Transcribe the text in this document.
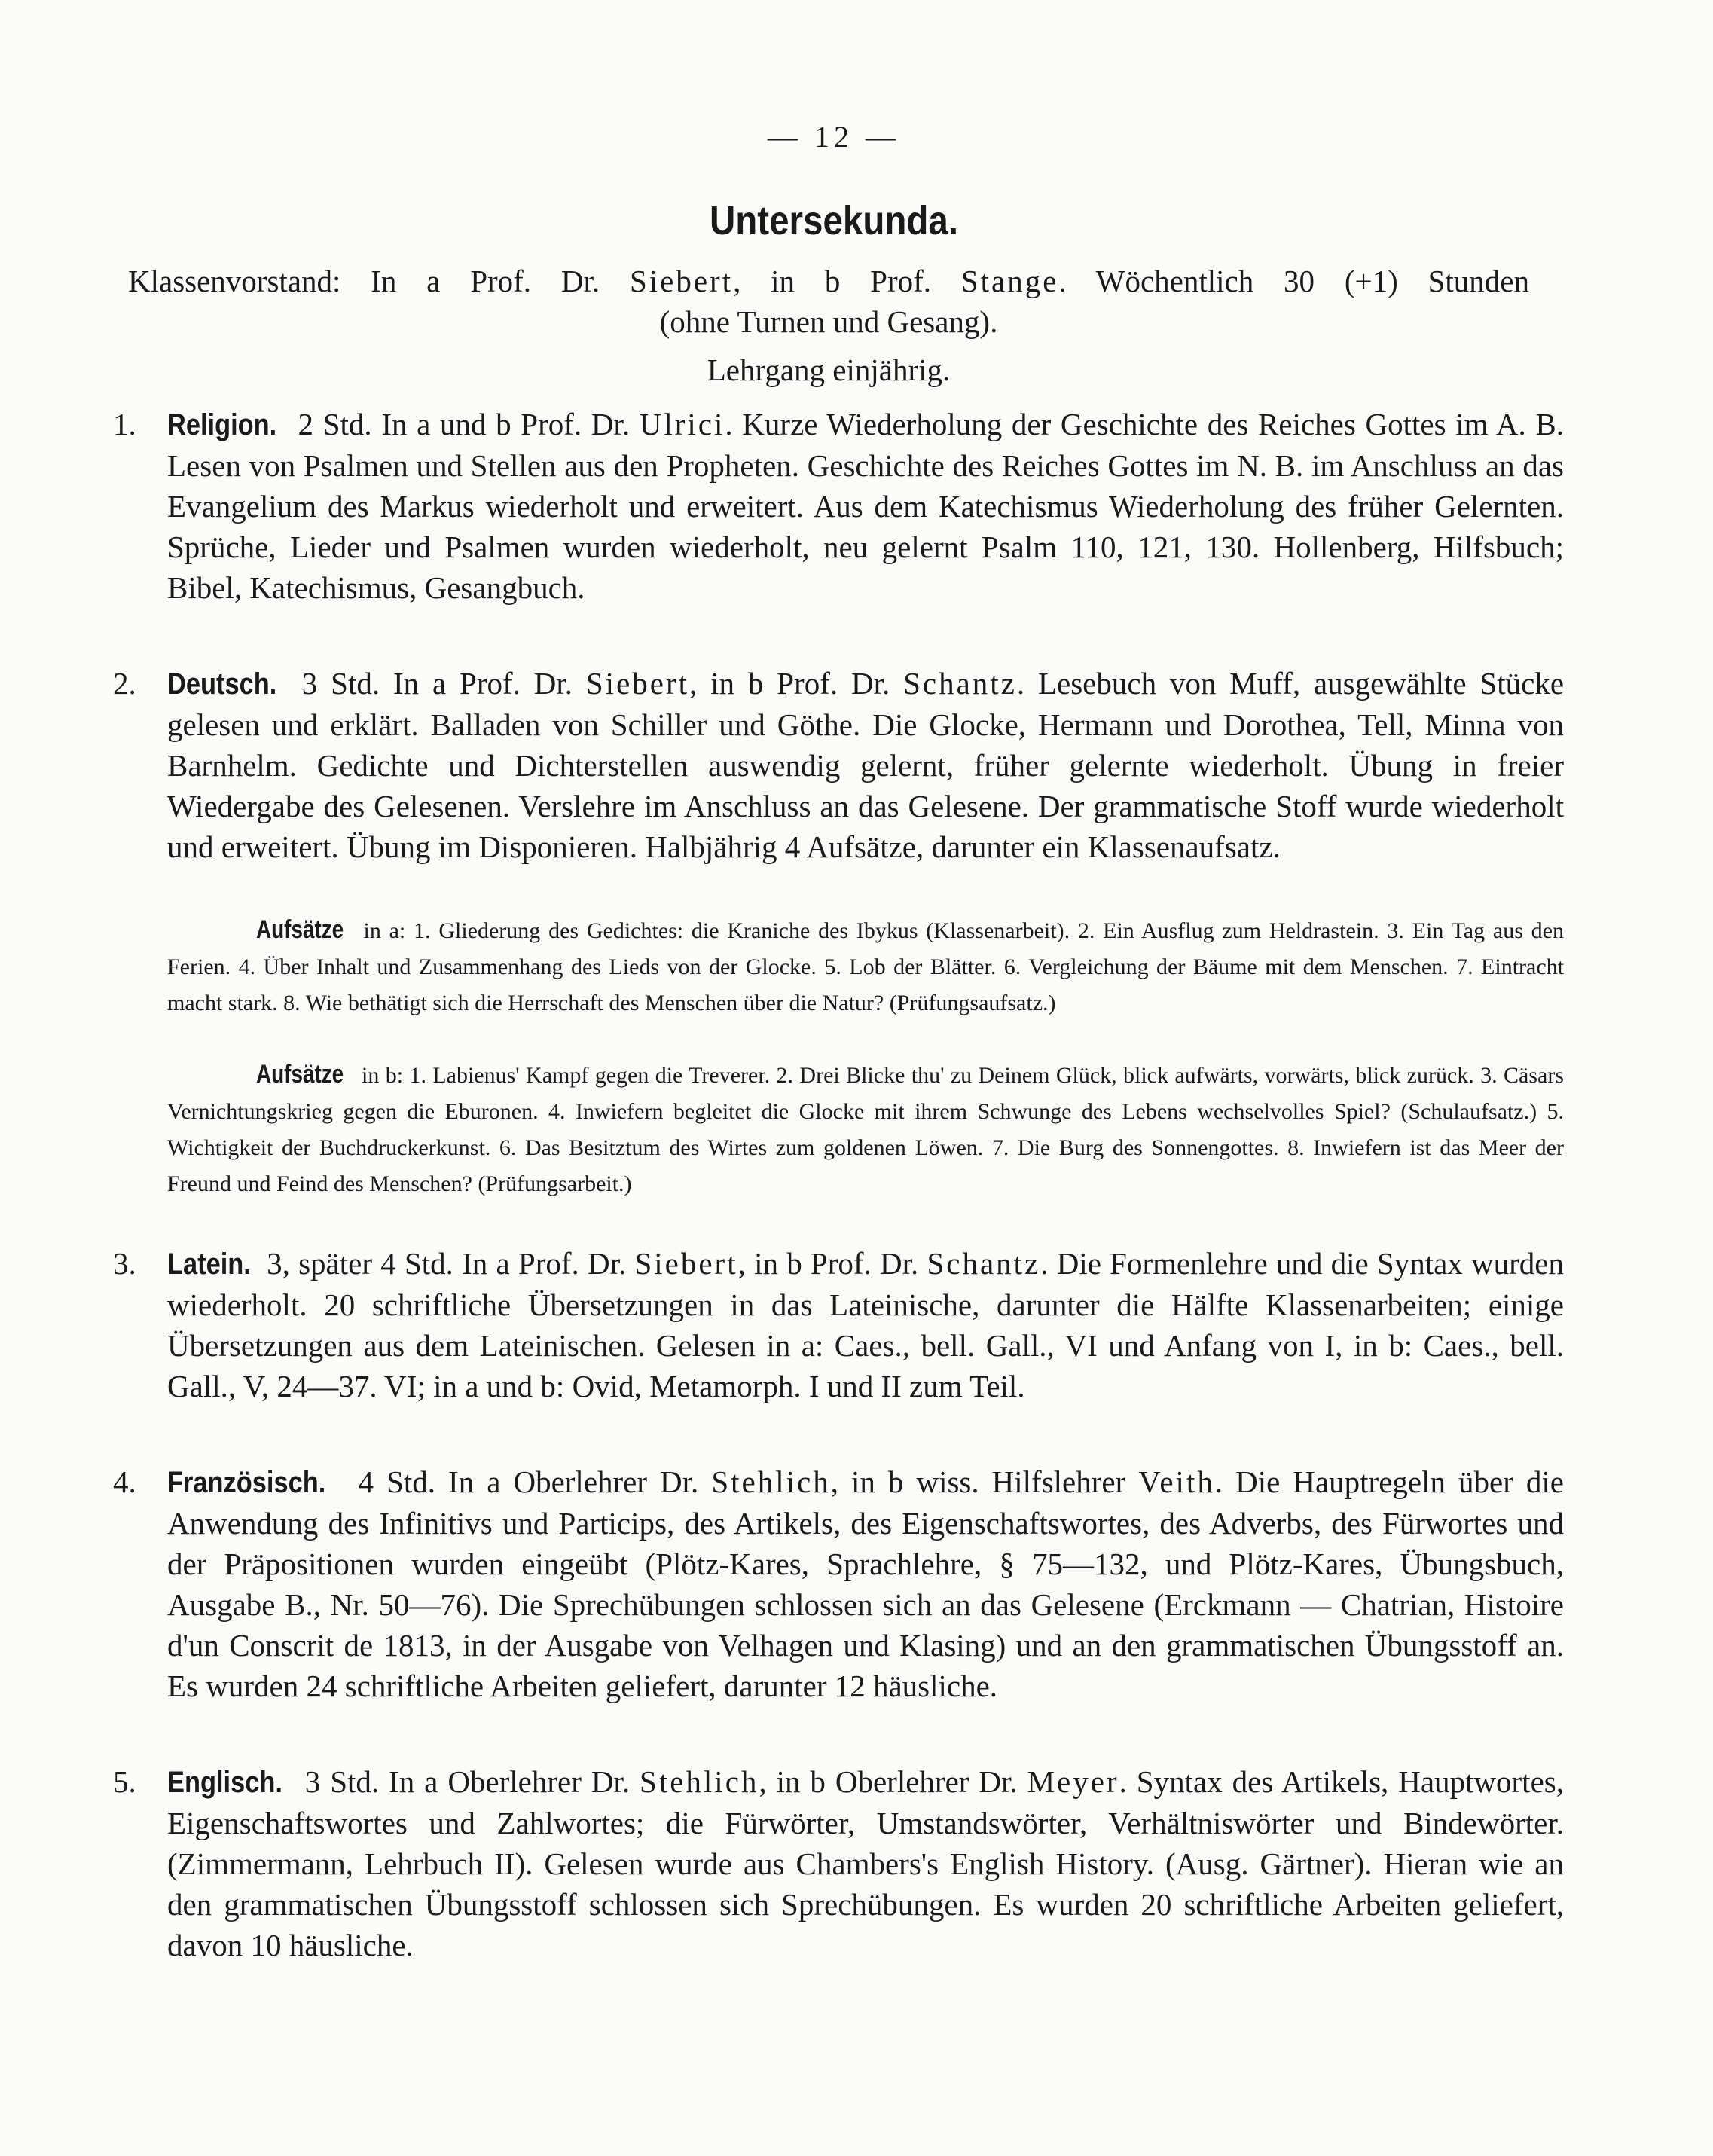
— 12 —
Untersekunda.
Klassenvorstand: In a Prof. Dr. Siebert, in b Prof. Stange. Wöchentlich 30 (+1) Stunden
(ohne Turnen und Gesang).
Lehrgang einjährig.
1. Religion. 2 Std. In a und b Prof. Dr. Ulrici. Kurze Wiederholung der Geschichte des Reiches Gottes im A. B. Lesen von Psalmen und Stellen aus den Propheten. Geschichte des Reiches Gottes im N. B. im Anschluss an das Evangelium des Markus wiederholt und erweitert. Aus dem Katechismus Wiederholung des früher Gelernten. Sprüche, Lieder und Psalmen wurden wiederholt, neu gelernt Psalm 110, 121, 130. Hollenberg, Hilfsbuch; Bibel, Katechismus, Gesangbuch.
2. Deutsch. 3 Std. In a Prof. Dr. Siebert, in b Prof. Dr. Schantz. Lesebuch von Muff, ausgewählte Stücke gelesen und erklärt. Balladen von Schiller und Göthe. Die Glocke, Hermann und Dorothea, Tell, Minna von Barnhelm. Gedichte und Dichterstellen auswendig gelernt, früher gelernte wiederholt. Übung in freier Wiedergabe des Gelesenen. Verslehre im Anschluss an das Gelesene. Der grammatische Stoff wurde wiederholt und erweitert. Übung im Disponieren. Halbjährig 4 Aufsätze, darunter ein Klassenaufsatz.
Aufsätze in a: 1. Gliederung des Gedichtes: die Kraniche des Ibykus (Klassenarbeit). 2. Ein Ausflug zum Heldrastein. 3. Ein Tag aus den Ferien. 4. Über Inhalt und Zusammenhang des Lieds von der Glocke. 5. Lob der Blätter. 6. Vergleichung der Bäume mit dem Menschen. 7. Eintracht macht stark. 8. Wie bethätigt sich die Herrschaft des Menschen über die Natur? (Prüfungsaufsatz.)
Aufsätze in b: 1. Labienus' Kampf gegen die Treverer. 2. Drei Blicke thu' zu Deinem Glück, blick aufwärts, vorwärts, blick zurück. 3. Cäsars Vernichtungskrieg gegen die Eburonen. 4. Inwiefern begleitet die Glocke mit ihrem Schwunge des Lebens wechselvolles Spiel? (Schulaufsatz.) 5. Wichtigkeit der Buchdruckerkunst. 6. Das Besitztum des Wirtes zum goldenen Löwen. 7. Die Burg des Sonnengottes. 8. Inwiefern ist das Meer der Freund und Feind des Menschen? (Prüfungsarbeit.)
3. Latein. 3, später 4 Std. In a Prof. Dr. Siebert, in b Prof. Dr. Schantz. Die Formenlehre und die Syntax wurden wiederholt. 20 schriftliche Übersetzungen in das Lateinische, darunter die Hälfte Klassenarbeiten; einige Übersetzungen aus dem Lateinischen. Gelesen in a: Caes., bell. Gall., VI und Anfang von I, in b: Caes., bell. Gall., V, 24—37. VI; in a und b: Ovid, Metamorph. I und II zum Teil.
4. Französisch. 4 Std. In a Oberlehrer Dr. Stehlich, in b wiss. Hilfslehrer Veith. Die Hauptregeln über die Anwendung des Infinitivs und Particips, des Artikels, des Eigenschaftswortes, des Adverbs, des Fürwortes und der Präpositionen wurden eingeübt (Plötz-Kares, Sprachlehre, § 75—132, und Plötz-Kares, Übungsbuch, Ausgabe B., Nr. 50—76). Die Sprechübungen schlossen sich an das Gelesene (Erckmann — Chatrian, Histoire d'un Conscrit de 1813, in der Ausgabe von Velhagen und Klasing) und an den grammatischen Übungsstoff an. Es wurden 24 schriftliche Arbeiten geliefert, darunter 12 häusliche.
5. Englisch. 3 Std. In a Oberlehrer Dr. Stehlich, in b Oberlehrer Dr. Meyer. Syntax des Artikels, Hauptwortes, Eigenschaftswortes und Zahlwortes; die Fürwörter, Umstandswörter, Verhältniswörter und Bindewörter. (Zimmermann, Lehrbuch II). Gelesen wurde aus Chambers's English History. (Ausg. Gärtner). Hieran wie an den grammatischen Übungsstoff schlossen sich Sprechübungen. Es wurden 20 schriftliche Arbeiten geliefert, davon 10 häusliche.
